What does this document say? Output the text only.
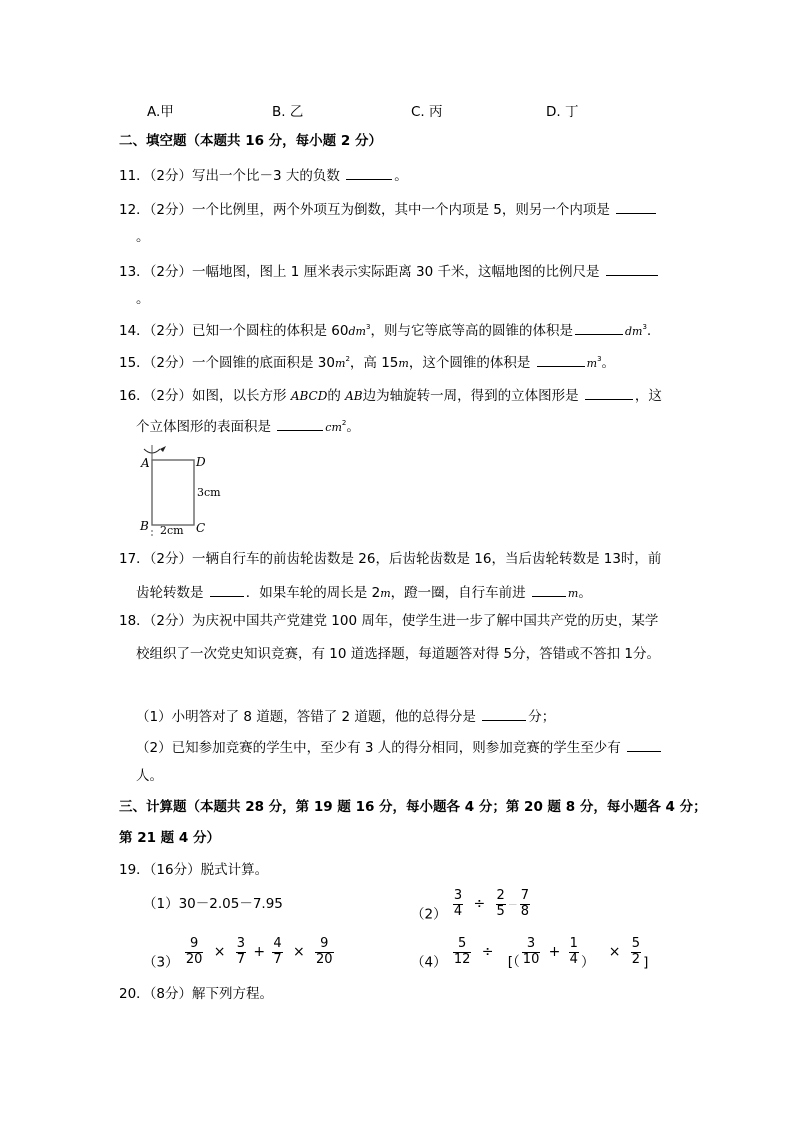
A.甲	B. 乙	C. 丙	D. 丁
二、填空题（本题共 16 分，每小题 2 分）
11．（2分）写出一个比－3 大的负数	。
12．（2分）一个比例里，两个外项互为倒数，其中一个内项是 5，则另一个内项是
。
13．（2分）一幅地图，图上 1 厘米表示实际距离 30 千米，这幅地图的比例尺是
。
14．（2分）已知一个圆柱的体积是 $60dm^3$，则与它等底等高的圆锥的体积是	$dm^3$.
15．（2分）一个圆锥的底面积是 $30m^2$，高 15m，这个圆锥的体积是	$m^3$。
16．（2分）如图，以长方形 ABCD的 AB边为轴旋转一周，得到的立体图形是	，这
个立体图形的表面积是	$cm^2$。
A	D
B	C
3cm
2cm
17．（2分）一辆自行车的前齿轮齿数是 26，后齿轮齿数是 16，当后齿轮转数是 13时，前
齿轮转数是	．如果车轮的周长是 2m，蹬一圈，自行车前进	m。
18．（2分）为庆祝中国共产党建党 100 周年，使学生进一步了解中国共产党的历史，某学
校组织了一次党史知识竞赛，有 10 道选择题，每道题答对得 5分，答错或不答扣 1分。
（1）小明答对了 8 道题，答错了 2 道题，他的总得分是	分；
（2）已知参加竞赛的学生中，至少有 3 人的得分相同，则参加竞赛的学生至少有
人。
三、计算题（本题共 28 分，第 19 题 16 分，每小题各 4 分；第 20 题 8 分，每小题各 4 分；
第 21 题 4 分）
19．（16分）脱式计算。
（1）30－2.05－7.95
$(2) \frac{3}{4} \div \frac{2}{5} - \frac{7}{8}$
$(3) \frac{9}{20} \times \frac{3}{7} + \frac{4}{7} \times \frac{9}{20}$	$(4) \frac{5}{12}$ ÷ [（ $\frac{3}{10} + \frac{1}{4}$ ） × $\frac{5}{2}$ ]
20．（8分）解下列方程。
